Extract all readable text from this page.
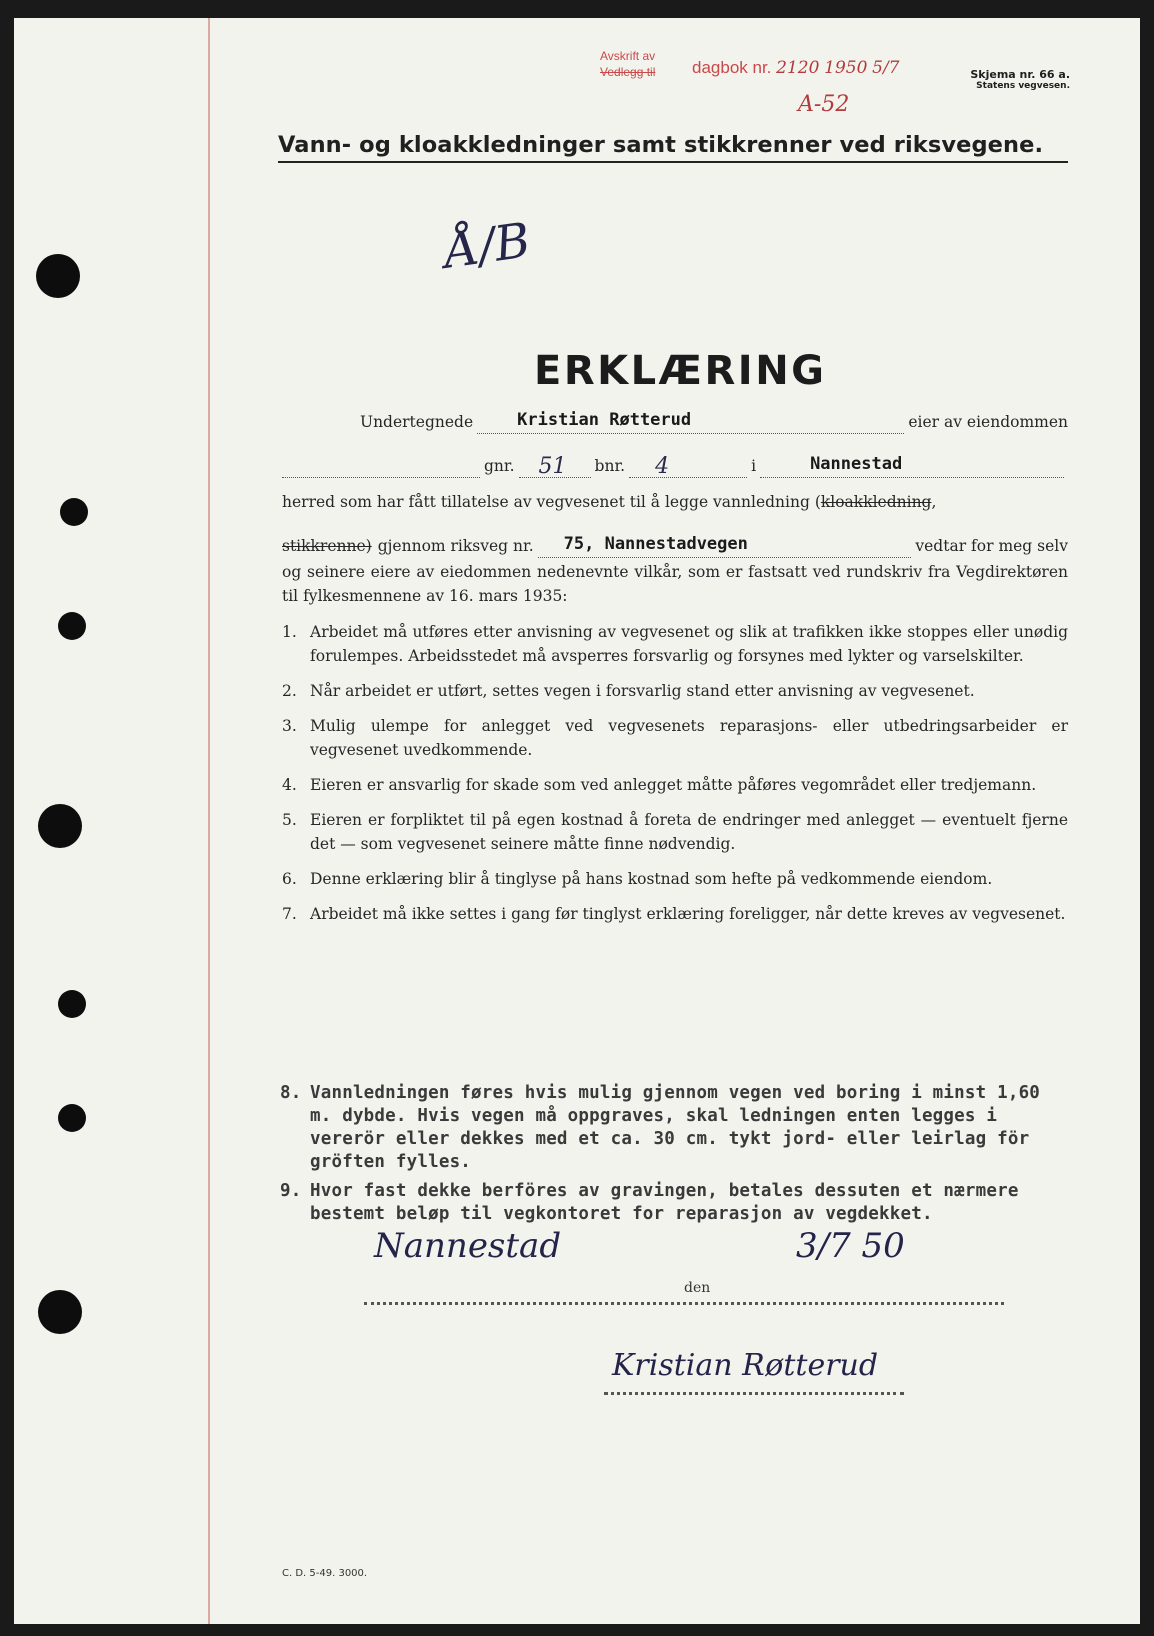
Avskrift av
Vedlegg til	dagbok nr. 2120 1950 5/7
A-52
Skjema nr. 66 a.
Statens vegvesen.
Vann- og kloakkledninger samt stikkrenner ved riksvegene.
Å/B
ERKLÆRING
Undertegnede	Kristian Røtterud	eier av eiendommen
gnr. 51 bnr. 4	i	Nannestad
herred som har fått tillatelse av vegvesenet til å legge vannledning ( kloakkledning ,
stikkrenne) gjennom riksveg nr. 75, Nannestadvegen	vedtar for meg selv
og seinere eiere av eiedommen nedenevnte vilkår, som er fastsatt ved rundskriv fra Vegdirektøren til fylkesmennene av 16. mars 1935:
1. Arbeidet må utføres etter anvisning av vegvesenet og slik at trafikken ikke stoppes eller unødig forulempes. Arbeidsstedet må avsperres forsvarlig og forsynes med lykter og varselskilter.
2. Når arbeidet er utført, settes vegen i forsvarlig stand etter anvisning av vegvesenet.
3. Mulig ulempe for anlegget ved vegvesenets reparasjons- eller utbedringsarbeider er vegvesenet uvedkommende.
4. Eieren er ansvarlig for skade som ved anlegget måtte påføres vegområdet eller tredjemann.
5. Eieren er forpliktet til på egen kostnad å foreta de endringer med anlegget — eventuelt fjerne det — som vegvesenet seinere måtte finne nødvendig.
6. Denne erklæring blir å tinglyse på hans kostnad som hefte på vedkommende eiendom.
7. Arbeidet må ikke settes i gang før tinglyst erklæring foreligger, når dette kreves av vegvesenet.
8. Vannledningen føres hvis mulig gjennom vegen ved boring i minst 1,60 m. dybde. Hvis vegen må oppgraves, skal ledningen enten legges i vererör eller dekkes med et ca. 30 cm. tykt jord- eller leirlag för gröften fylles.
9. Hvor fast dekke berföres av gravingen, betales dessuten et nærmere bestemt beløp til vegkontoret for reparasjon av vegdekket.
Nannestad
den
3/7 50
Kristian Røtterud
C. D. 5-49. 3000.
